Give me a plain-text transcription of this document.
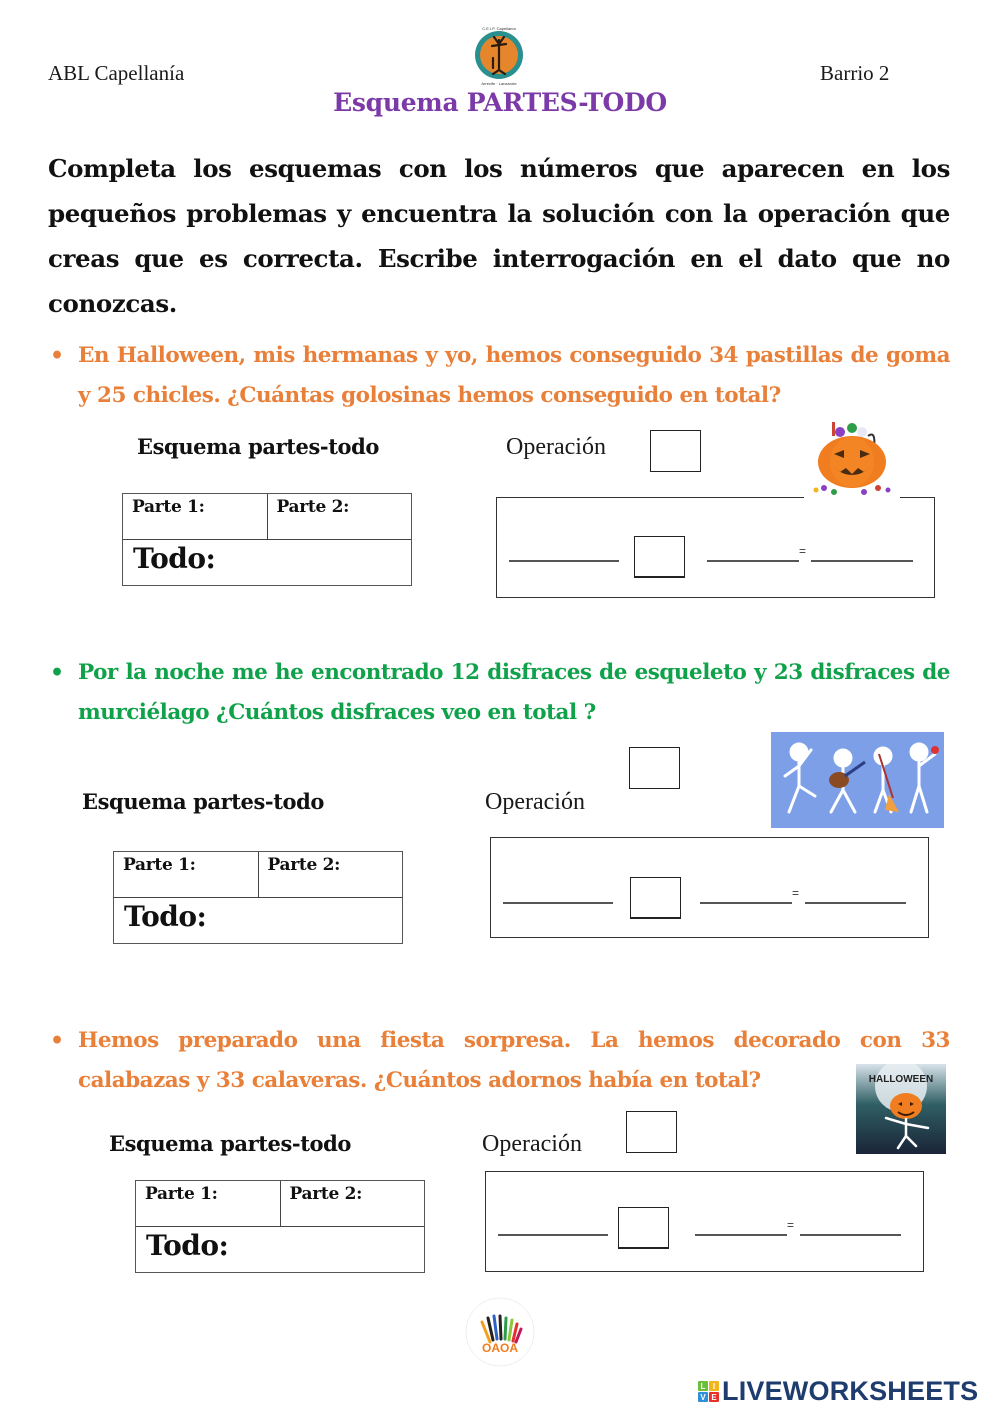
ABL Capellanía	Barrio 2
C.E.I.P. Capellanía
Arrecife · Lanzarote
Esquema PARTES-TODO
Completa los esquemas con los números que aparecen en los pequeños problemas y encuentra la solución con la operación que creas que es correcta. Escribe interrogación en el dato que no conozcas.
• En Halloween, mis hermanas y yo, hemos conseguido 34 pastillas de goma y 25 chicles. ¿Cuántas golosinas hemos conseguido en total?
Esquema partes-todo	Operación
Parte 1:	Parte 2:
Todo:	=
• Por la noche me he encontrado 12 disfraces de esqueleto y 23 disfraces de murciélago ¿Cuántos disfraces veo en total ?
Esquema partes-todo	Operación
Parte 1:	Parte 2:
Todo:
=
• Hemos preparado una fiesta sorpresa. La hemos decorado con 33 calabazas y 33 calaveras. ¿Cuántos adornos había en total?
Esquema partes-todo	Operación
Parte 1:	Parte 2:
Todo:
=
HALLOWEEN
OAOA
L I
V E LIVEWORKSHEETS
